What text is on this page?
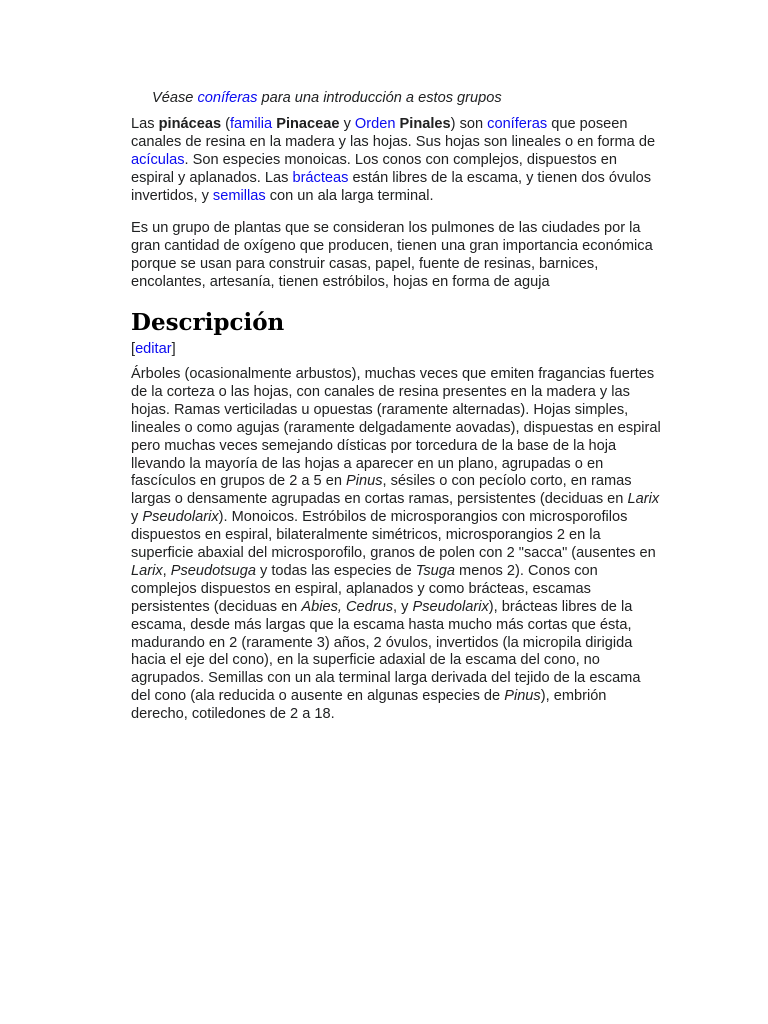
Véase coníferas para una introducción a estos grupos

Las pináceas (familia Pinaceae y Orden Pinales) son coníferas que poseen canales de resina en la madera y las hojas. Sus hojas son lineales o en forma de acículas. Son especies monoicas. Los conos con complejos, dispuestos en espiral y aplanados. Las brácteas están libres de la escama, y tienen dos óvulos invertidos, y semillas con un ala larga terminal.

Es un grupo de plantas que se consideran los pulmones de las ciudades por la gran cantidad de oxígeno que producen, tienen una gran importancia económica porque se usan para construir casas, papel, fuente de resinas, barnices, encolantes, artesanía, tienen estróbilos, hojas en forma de aguja

Descripción
[editar]

Árboles (ocasionalmente arbustos), muchas veces que emiten fragancias fuertes de la corteza o las hojas, con canales de resina presentes en la madera y las hojas. Ramas verticiladas u opuestas (raramente alternadas). Hojas simples, lineales o como agujas (raramente delgadamente aovadas), dispuestas en espiral pero muchas veces semejando dísticas por torcedura de la base de la hoja llevando la mayoría de las hojas a aparecer en un plano, agrupadas o en fascículos en grupos de 2 a 5 en Pinus, sésiles o con pecíolo corto, en ramas largas o densamente agrupadas en cortas ramas, persistentes (deciduas en Larix y Pseudolarix). Monoicos. Estróbilos de microsporangios con microsporofilos dispuestos en espiral, bilateralmente simétricos, microsporangios 2 en la superficie abaxial del microsporofilo, granos de polen con 2 "sacca" (ausentes en Larix, Pseudotsuga y todas las especies de Tsuga menos 2). Conos con complejos dispuestos en espiral, aplanados y como brácteas, escamas persistentes (deciduas en Abies, Cedrus, y Pseudolarix), brácteas libres de la escama, desde más largas que la escama hasta mucho más cortas que ésta, madurando en 2 (raramente 3) años, 2 óvulos, invertidos (la micropila dirigida hacia el eje del cono), en la superficie adaxial de la escama del cono, no agrupados. Semillas con un ala terminal larga derivada del tejido de la escama del cono (ala reducida o ausente en algunas especies de Pinus), embrión derecho, cotiledones de 2 a 18.
